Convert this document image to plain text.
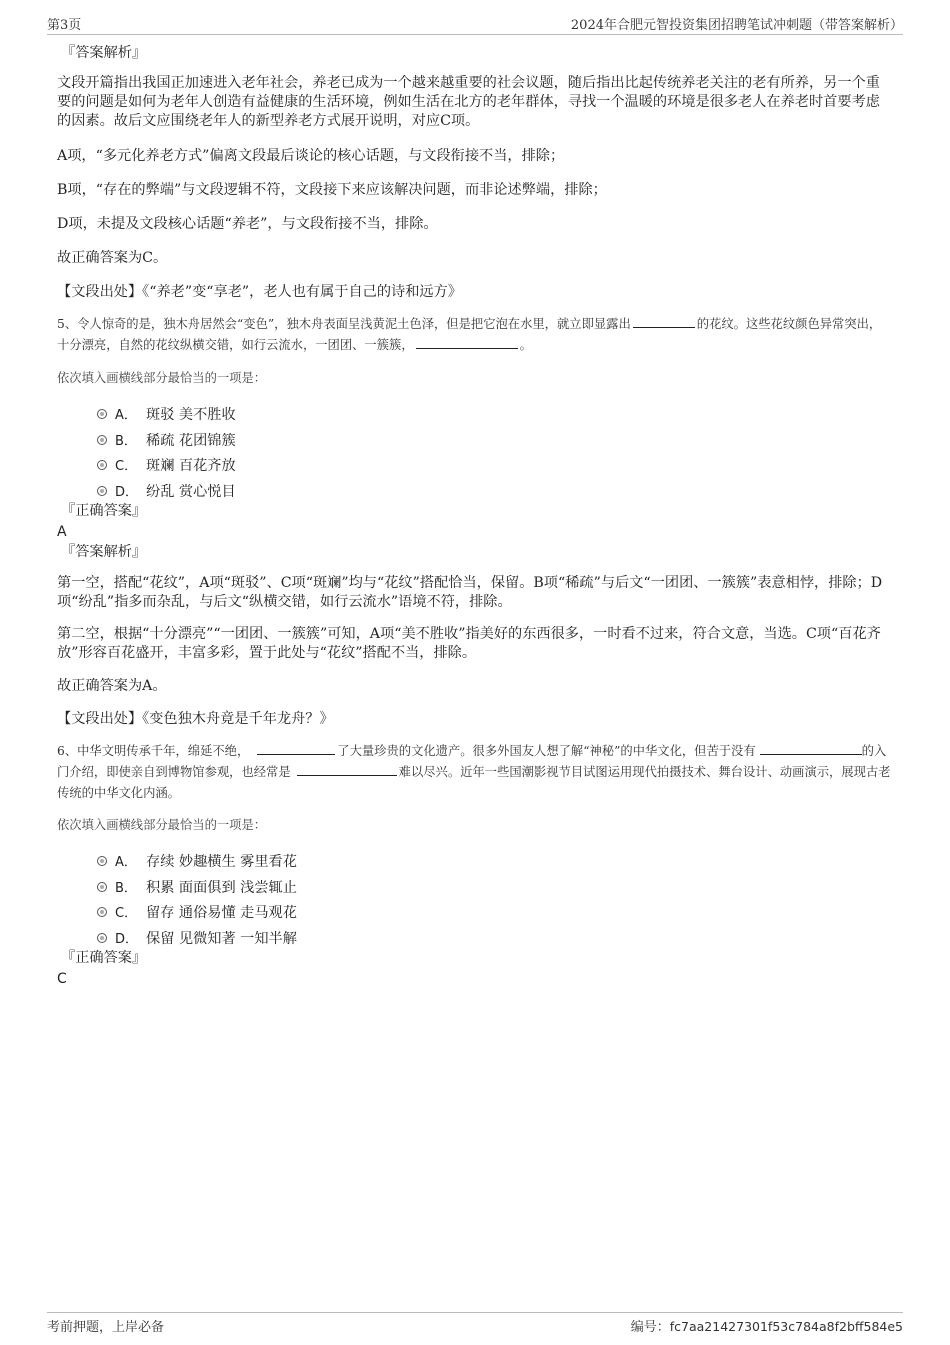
第3页	2024年合肥元智投资集团招聘笔试冲刺题（带答案解析）
『答案解析』

文段开篇指出我国正加速进入老年社会，养老已成为一个越来越重要的社会议题，随后指出比起传统养老关注的老有所养，另一个重要的问题是如何为老年人创造有益健康的生活环境，例如生活在北方的老年群体，寻找一个温暖的环境是很多老人在养老时首要考虑的因素。故后文应围绕老年人的新型养老方式展开说明，对应C项。

A项，“多元化养老方式”偏离文段最后谈论的核心话题，与文段衔接不当，排除；

B项，“存在的弊端”与文段逻辑不符，文段接下来应该解决问题，而非论述弊端，排除；

D项，未提及文段核心话题“养老”，与文段衔接不当，排除。

故正确答案为C。

【文段出处】《“养老”变“享老”，老人也有属于自己的诗和远方》

5、令人惊奇的是，独木舟居然会“变色”，独木舟表面呈浅黄泥土色泽，但是把它泡在水里，就立即显露出	的花纹。这些花纹颜色异常突出，十分漂亮，自然的花纹纵横交错，如行云流水，一团团、一簇簇，	。

依次填入画横线部分最恰当的一项是：

A． 斑驳 美不胜收
B． 稀疏 花团锦簇
C． 斑斓 百花齐放
D． 纷乱 赏心悦目
『正确答案』
A
『答案解析』

第一空，搭配“花纹”，A项“斑驳”、C项“斑斓”均与“花纹”搭配恰当，保留。B项“稀疏”与后文“一团团、一簇簇”表意相悖，排除；D项“纷乱”指多而杂乱，与后文“纵横交错，如行云流水”语境不符，排除。

第二空，根据“十分漂亮”“一团团、一簇簇”可知，A项“美不胜收”指美好的东西很多，一时看不过来，符合文意，当选。C项“百花齐放”形容百花盛开，丰富多彩，置于此处与“花纹”搭配不当，排除。

故正确答案为A。

【文段出处】《变色独木舟竟是千年龙舟？》

6、中华文明传承千年，绵延不绝，	了大量珍贵的文化遗产。很多外国友人想了解“神秘”的中华文化，但苦于没有	的入门介绍，即使亲自到博物馆参观，也经常是	难以尽兴。近年一些国潮影视节目试图运用现代拍摄技术、舞台设计、动画演示，展现古老传统的中华文化内涵。

依次填入画横线部分最恰当的一项是：

A． 存续 妙趣横生 雾里看花
B． 积累 面面俱到 浅尝辄止
C． 留存 通俗易懂 走马观花
D． 保留 见微知著 一知半解
『正确答案』
C
考前押题，上岸必备	编号：fc7aa21427301f53c784a8f2bff584e5
